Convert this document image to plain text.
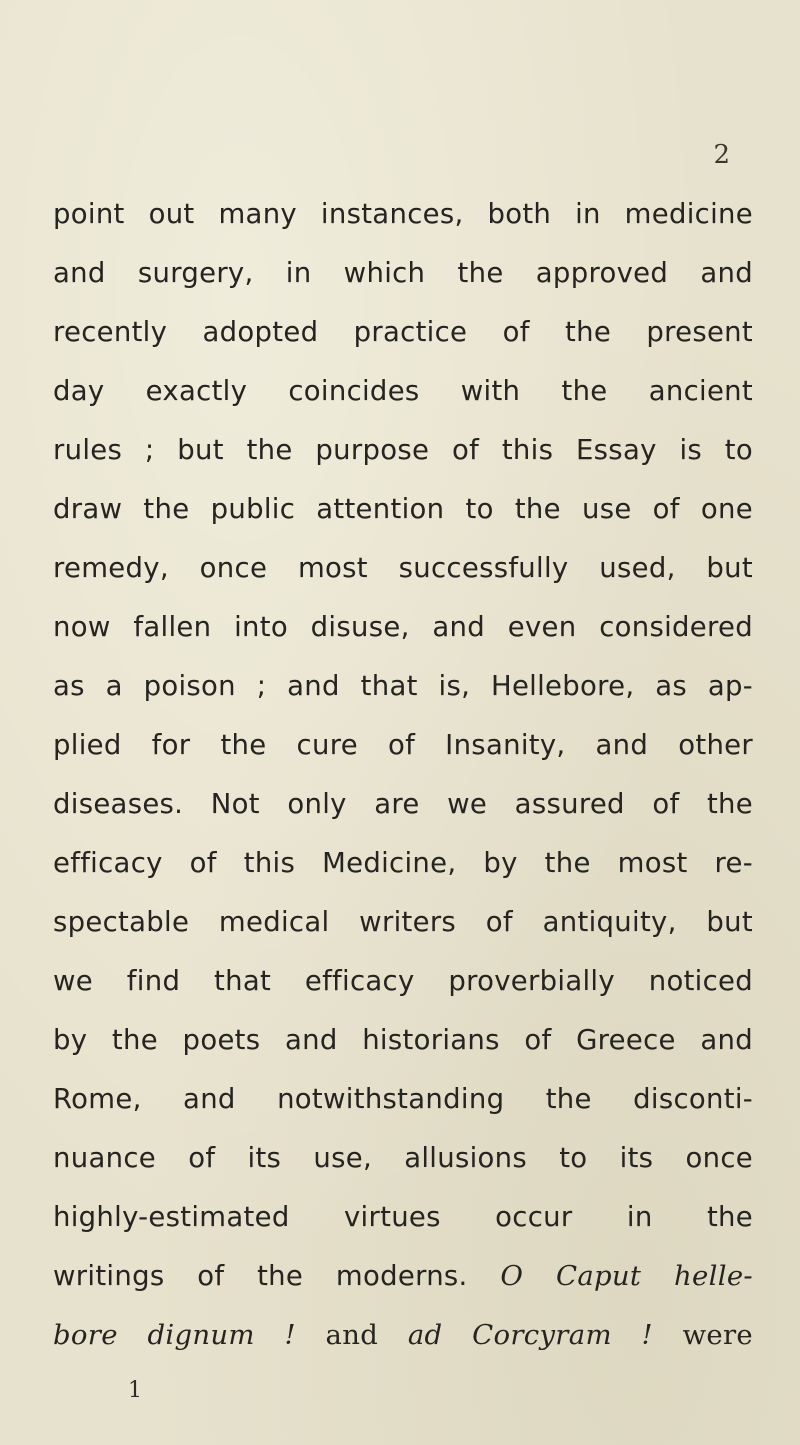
2
point out many instances, both in medicine
and surgery, in which the approved and
recently adopted practice of the present
day exactly coincides with the ancient
rules ; but the purpose of this Essay is to
draw the public attention to the use of one
remedy, once most successfully used, but
now fallen into disuse, and even considered
as a poison ; and that is, Hellebore, as ap-
plied for the cure of Insanity, and other
diseases. Not only are we assured of the
efficacy of this Medicine, by the most re-
spectable medical writers of antiquity, but
we find that efficacy proverbially noticed
by the poets and historians of Greece and
Rome, and notwithstanding the disconti-
nuance of its use, allusions to its once
highly-estimated virtues occur in the
writings of the moderns. O Caput helle-
bore dignum ! and ad Corcyram ! were
1
